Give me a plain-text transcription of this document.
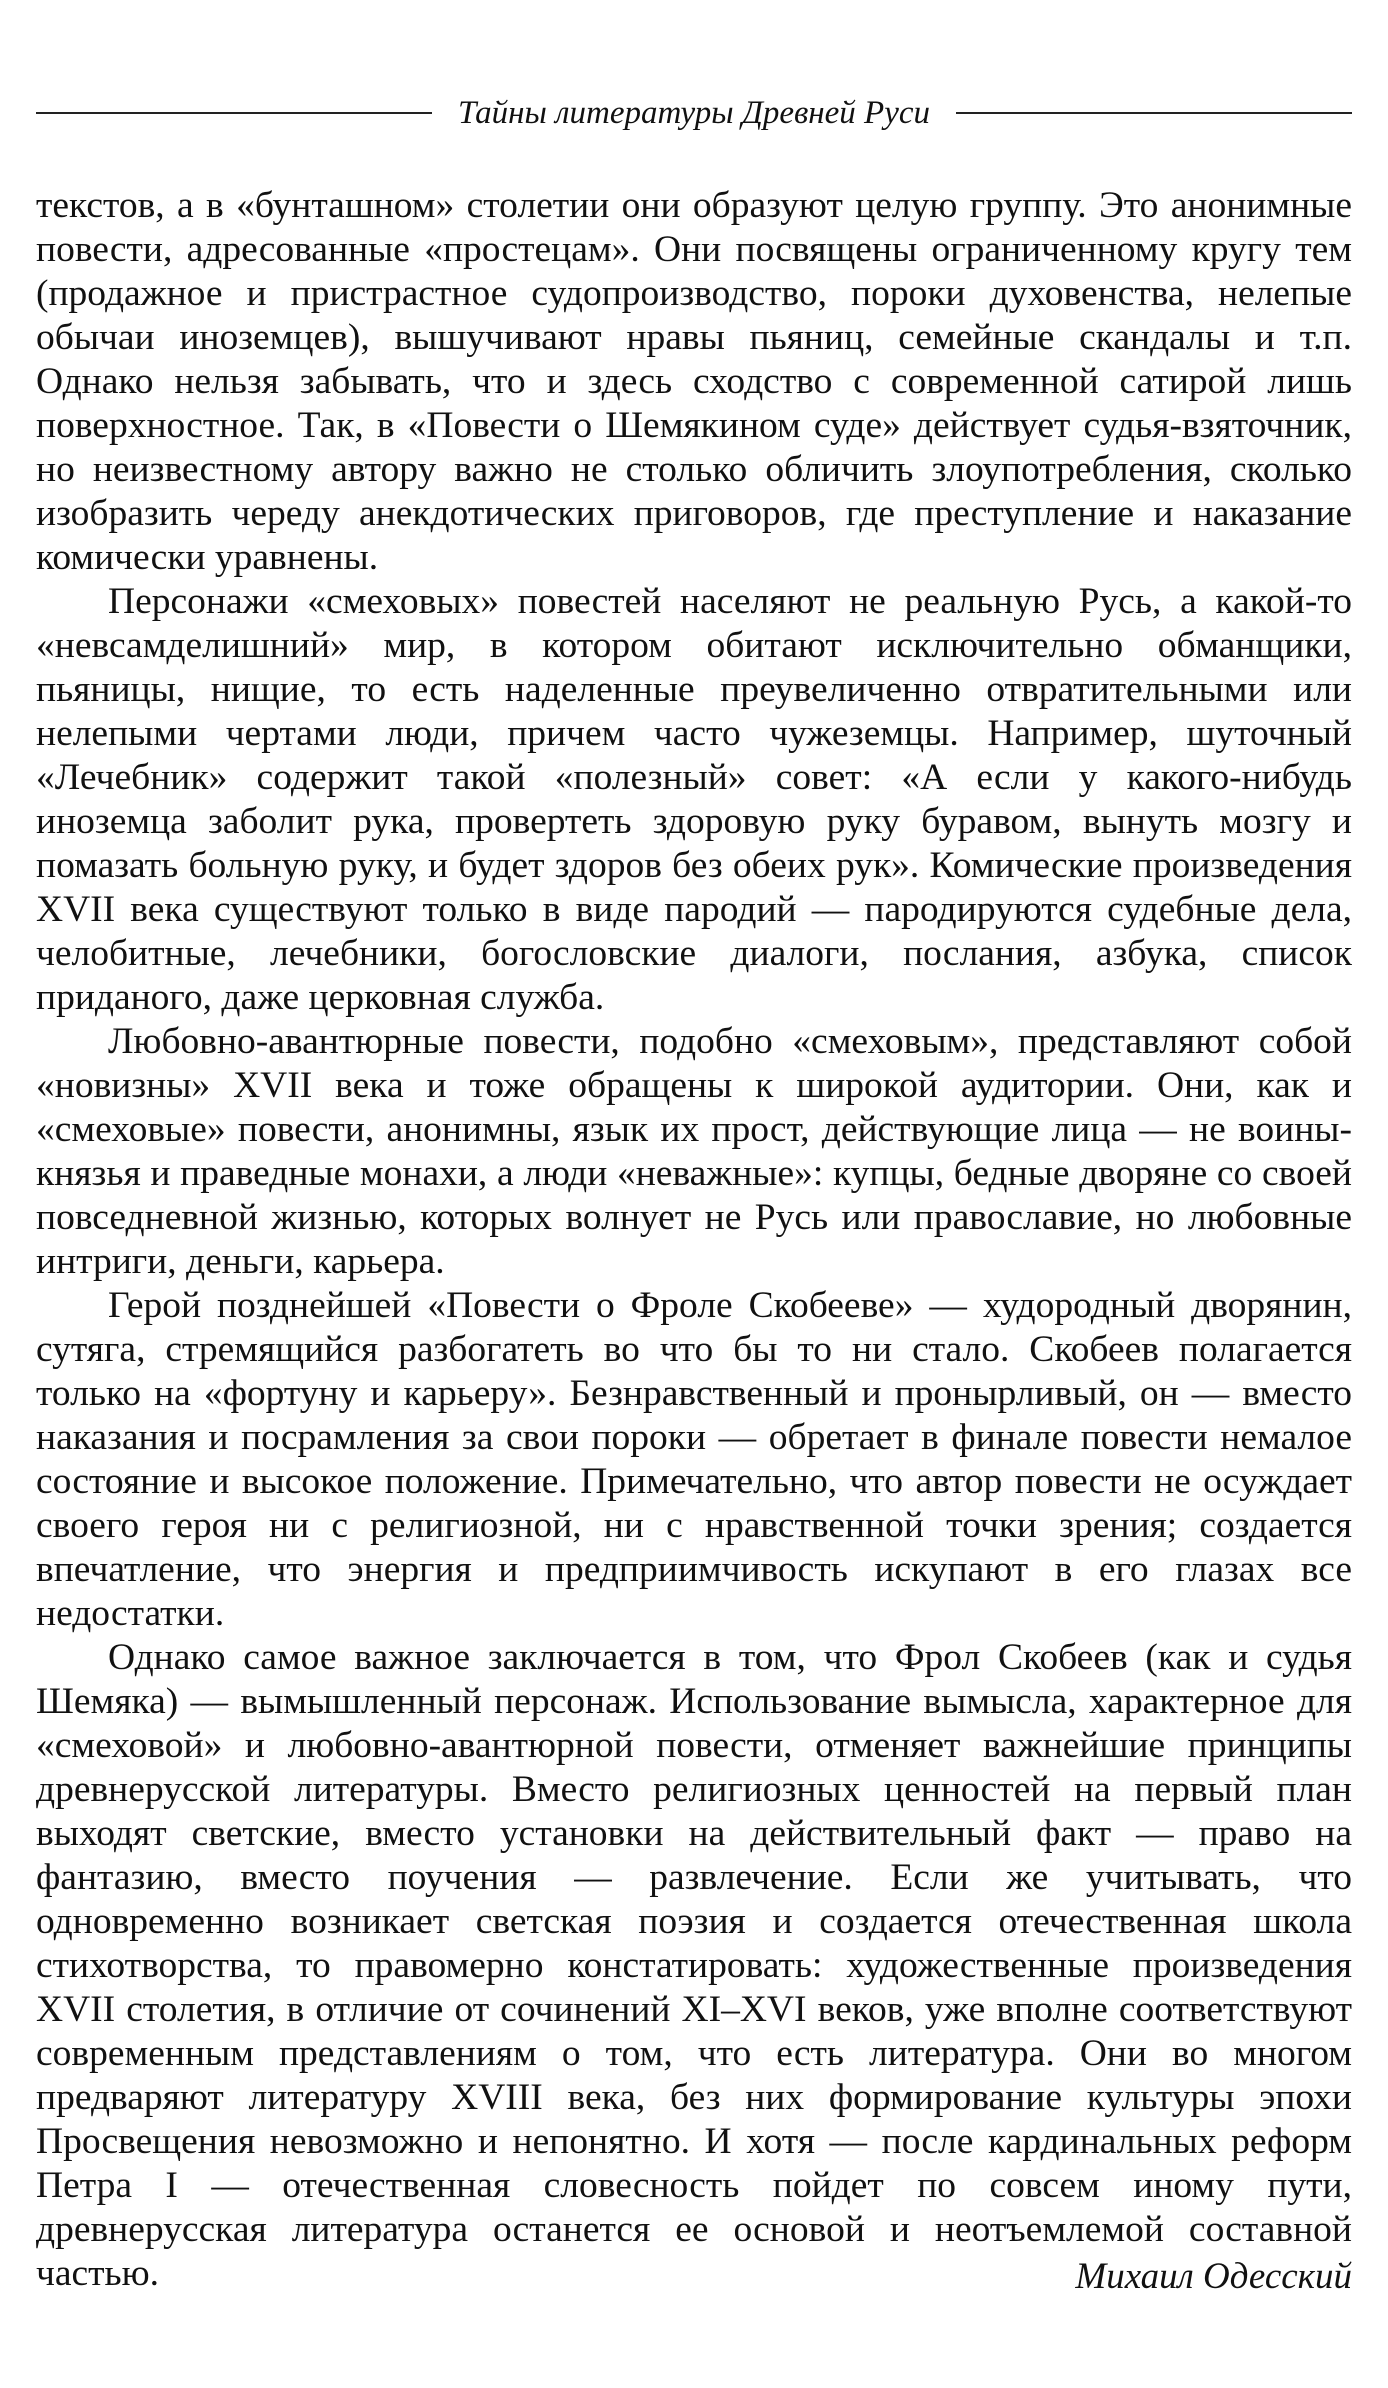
Тайны литературы Древней Руси

текстов, а в «бунташном» столетии они образуют целую группу. Это анонимные повести, адресованные «простецам». Они посвящены ограниченному кругу тем (продажное и пристрастное судопроизводство, пороки духовенства, нелепые обычаи иноземцев), вышучивают нравы пьяниц, семейные скандалы и т.п. Однако нельзя забывать, что и здесь сходство с современной сатирой лишь поверхностное. Так, в «Повести о Шемякином суде» действует судья-взяточник, но неизвестному автору важно не столько обличить злоупотребления, сколько изобразить череду анекдотических приговоров, где преступление и наказание комически уравнены.

Персонажи «смеховых» повестей населяют не реальную Русь, а какой-то «невсамделишний» мир, в котором обитают исключительно обманщики, пьяницы, нищие, то есть наделенные преувеличенно отвратительными или нелепыми чертами люди, причем часто чужеземцы. Например, шуточный «Лечебник» содержит такой «полезный» совет: «А если у какого-нибудь иноземца заболит рука, провертеть здоровую руку буравом, вынуть мозгу и помазать больную руку, и будет здоров без обеих рук». Комические произведения XVII века существуют только в виде пародий — пародируются судебные дела, челобитные, лечебники, богословские диалоги, послания, азбука, список приданого, даже церковная служба.

Любовно-авантюрные повести, подобно «смеховым», представляют собой «новизны» XVII века и тоже обращены к широкой аудитории. Они, как и «смеховые» повести, анонимны, язык их прост, действующие лица — не воины-князья и праведные монахи, а люди «неважные»: купцы, бедные дворяне со своей повседневной жизнью, которых волнует не Русь или православие, но любовные интриги, деньги, карьера.

Герой позднейшей «Повести о Фроле Скобееве» — худородный дворянин, сутяга, стремящийся разбогатеть во что бы то ни стало. Скобеев полагается только на «фортуну и карьеру». Безнравственный и пронырливый, он — вместо наказания и посрамления за свои пороки — обретает в финале повести немалое состояние и высокое положение. Примечательно, что автор повести не осуждает своего героя ни с религиозной, ни с нравственной точки зрения; создается впечатление, что энергия и предприимчивость искупают в его глазах все недостатки.

Однако самое важное заключается в том, что Фрол Скобеев (как и судья Шемяка) — вымышленный персонаж. Использование вымысла, характерное для «смеховой» и любовно-авантюрной повести, отменяет важнейшие принципы древнерусской литературы. Вместо религиозных ценностей на первый план выходят светские, вместо установки на действительный факт — право на фантазию, вместо поучения — развлечение. Если же учитывать, что одновременно возникает светская поэзия и создается отечественная школа стихотворства, то правомерно констатировать: художественные произведения XVII столетия, в отличие от сочинений XI–XVI веков, уже вполне соответствуют современным представлениям о том, что есть литература. Они во многом предваряют литературу XVIII века, без них формирование культуры эпохи Просвещения невозможно и непонятно. И хотя — после кардинальных реформ Петра I — отечественная словесность пойдет по совсем иному пути, древнерусская литература останется ее основой и неотъемлемой составной частью.	Михаил Одесский
